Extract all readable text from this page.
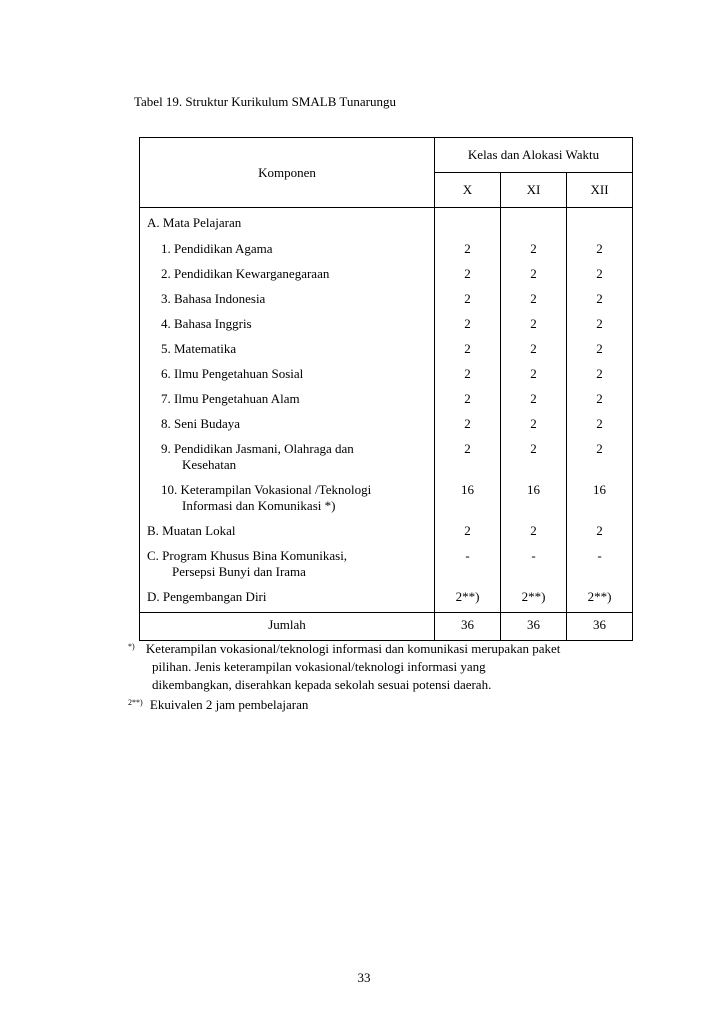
Tabel 19. Struktur Kurikulum SMALB Tunarungu
Komponen	Kelas dan Alokasi Waktu		
	X	XI	XII
A. Mata Pelajaran			
1. Pendidikan Agama	2	2	2
2. Pendidikan Kewarganegaraan	2	2	2
3. Bahasa Indonesia	2	2	2
4. Bahasa Inggris	2	2	2
5. Matematika	2	2	2
6. Ilmu Pengetahuan Sosial	2	2	2
7. Ilmu Pengetahuan Alam	2	2	2
8. Seni Budaya	2	2	2

9. Pendidikan Jasmani, Olahraga dan
Kesehatan	2	2	2

10. Keterampilan Vokasional /Teknologi
Informasi dan Komunikasi *)	16	16	16
B. Muatan Lokal	2	2	2

C. Program Khusus Bina Komunikasi,
Persepsi Bunyi dan Irama	-	-	-
D. Pengembangan Diri	2**)	2**)	2**)
Jumlah	36	36	36
*) Keterampilan vokasional/teknologi informasi dan komunikasi merupakan paket
pilihan. Jenis keterampilan vokasional/teknologi informasi yang
dikembangkan, diserahkan kepada sekolah sesuai potensi daerah.
$^{2**)}$ Ekuivalen 2 jam pembelajaran
33
